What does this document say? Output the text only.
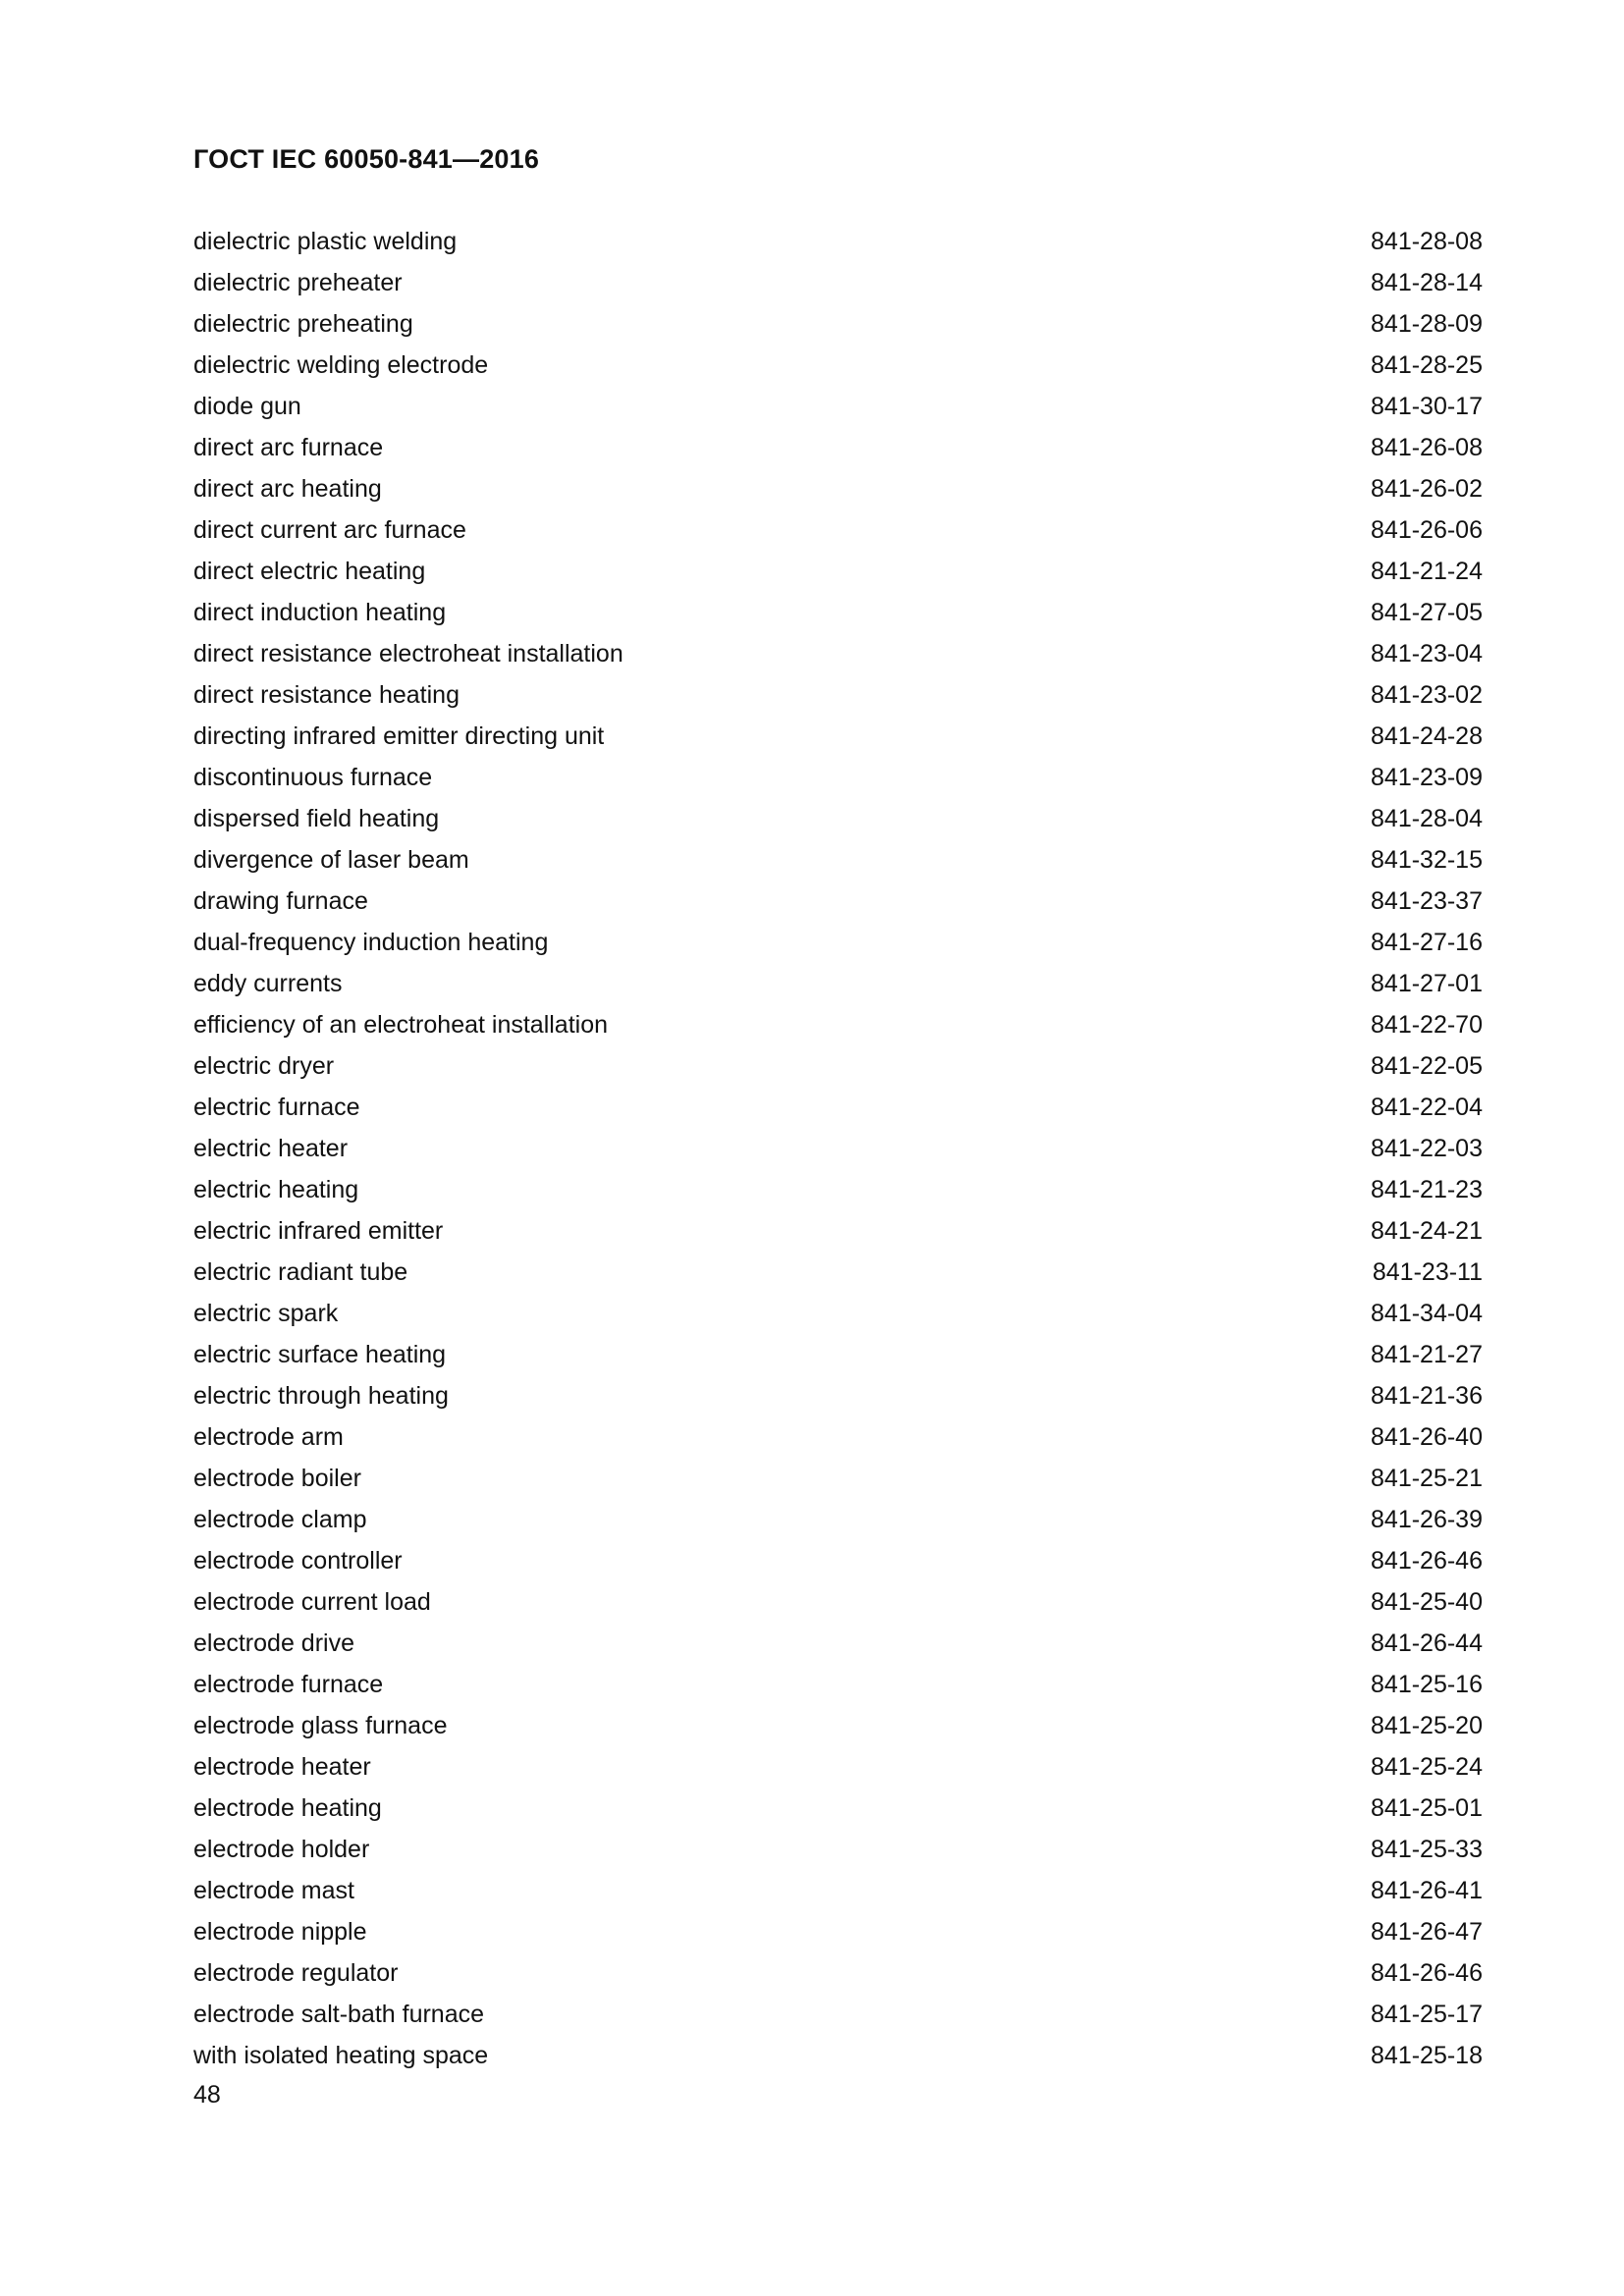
ГОСТ IEC 60050-841—2016
dielectric plastic welding	841-28-08
dielectric preheater	841-28-14
dielectric preheating	841-28-09
dielectric welding electrode	841-28-25
diode gun	841-30-17
direct arc furnace	841-26-08
direct arc heating	841-26-02
direct current arc furnace	841-26-06
direct electric heating	841-21-24
direct induction heating	841-27-05
direct resistance electroheat installation	841-23-04
direct resistance heating	841-23-02
directing infrared emitter directing unit	841-24-28
discontinuous furnace	841-23-09
dispersed field heating	841-28-04
divergence of laser beam	841-32-15
drawing furnace	841-23-37
dual-frequency induction heating	841-27-16
eddy currents	841-27-01
efficiency of an electroheat installation	841-22-70
electric dryer	841-22-05
electric furnace	841-22-04
electric heater	841-22-03
electric heating	841-21-23
electric infrared emitter	841-24-21
electric radiant tube	841-23-11
electric spark	841-34-04
electric surface heating	841-21-27
electric through heating	841-21-36
electrode arm	841-26-40
electrode boiler	841-25-21
electrode clamp	841-26-39
electrode controller	841-26-46
electrode current load	841-25-40
electrode drive	841-26-44
electrode furnace	841-25-16
electrode glass furnace	841-25-20
electrode heater	841-25-24
electrode heating	841-25-01
electrode holder	841-25-33
electrode mast	841-26-41
electrode nipple	841-26-47
electrode regulator	841-26-46
electrode salt-bath furnace	841-25-17
with isolated heating space	841-25-18
48
